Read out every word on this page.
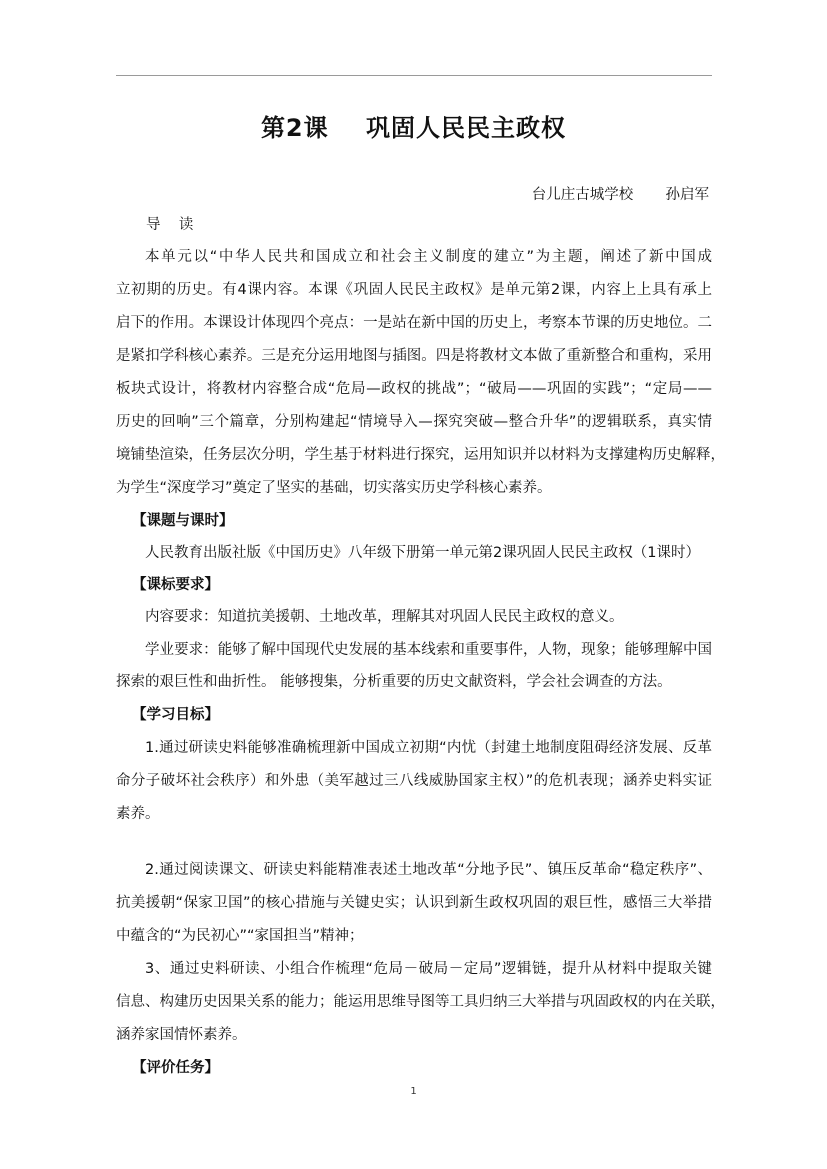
第2课    巩固人民民主政权
台儿庄古城学校       孙启军
导    读
本单元以“中华人民共和国成立和社会主义制度的建立”为主题，阐述了新中国成
立初期的历史。有4课内容。本课《巩固人民民主政权》是单元第2课，内容上上具有承上
启下的作用。本课设计体现四个亮点：一是站在新中国的历史上，考察本节课的历史地位。二
是紧扣学科核心素养。三是充分运用地图与插图。四是将教材文本做了重新整合和重构，采用
板块式设计，将教材内容整合成“危局—政权的挑战”；“破局——巩固的实践”；“定局——
历史的回响”三个篇章，分别构建起“情境导入—探究突破—整合升华”的逻辑联系，真实情
境铺垫渲染，任务层次分明，学生基于材料进行探究，运用知识并以材料为支撑建构历史解释，
为学生“深度学习”奠定了坚实的基础，切实落实历史学科核心素养。
【课题与课时】
人民教育出版社版《中国历史》八年级下册第一单元第2课巩固人民民主政权（1课时）
【课标要求】
内容要求：知道抗美援朝、土地改革，理解其对巩固人民民主政权的意义。
学业要求：能够了解中国现代史发展的基本线索和重要事件，人物，现象；能够理解中国
探索的艰巨性和曲折性。 能够搜集，分析重要的历史文献资料，学会社会调查的方法。
【学习目标】
1.通过研读史料能够准确梳理新中国成立初期“内忧（封建土地制度阻碍经济发展、反革
命分子破坏社会秩序）和外患（美军越过三八线威胁国家主权）”的危机表现；涵养史料实证
素养。
2.通过阅读课文、研读史料能精准表述土地改革“分地予民”、镇压反革命“稳定秩序”、
抗美援朝“保家卫国”的核心措施与关键史实；认识到新生政权巩固的艰巨性，感悟三大举措
中蕴含的“为民初心”“家国担当”精神；
3、通过史料研读、小组合作梳理“危局－破局－定局”逻辑链，提升从材料中提取关键
信息、构建历史因果关系的能力；能运用思维导图等工具归纳三大举措与巩固政权的内在关联，
涵养家国情怀素养。
【评价任务】
1
